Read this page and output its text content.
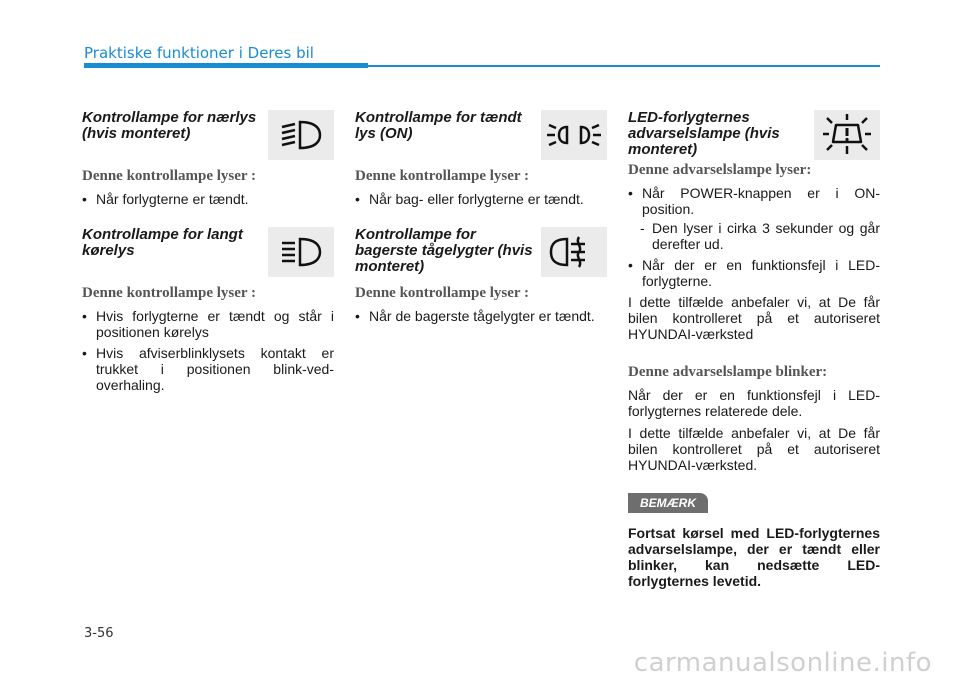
Praktiske funktioner i Deres bil
Kontrollampe for nærlys (hvis monteret)
Denne kontrollampe lyser :
• Når forlygterne er tændt.
Kontrollampe for langt kørelys
Denne kontrollampe lyser :
• Hvis forlygterne er tændt og står i positionen kørelys
• Hvis afviserblinklysets kontakt er trukket i positionen blink-ved-overhaling.
Kontrollampe for tændt lys (ON)
Denne kontrollampe lyser :
• Når bag- eller forlygterne er tændt.
Kontrollampe for bagerste tågelygter (hvis monteret)
Denne kontrollampe lyser :
• Når de bagerste tågelygter er tændt.
LED-forlygternes advarselslampe (hvis monteret)
Denne advarselslampe lyser:
• Når POWER-knappen er i ON-position.
- Den lyser i cirka 3 sekunder og går derefter ud.
• Når der er en funktionsfejl i LED-forlygterne.

I dette tilfælde anbefaler vi, at De får bilen kontrolleret på et autoriseret HYUNDAI-værksted

Denne advarselslampe blinker:

Når der er en funktionsfejl i LED-forlygternes relaterede dele.

I dette tilfælde anbefaler vi, at De får bilen kontrolleret på et autoriseret HYUNDAI-værksted.

BEMÆRK
Fortsat kørsel med LED-forlygternes advarselslampe, der er tændt eller blinker, kan nedsætte LED-forlygternes levetid.
3-56
carmanualsonline.info
